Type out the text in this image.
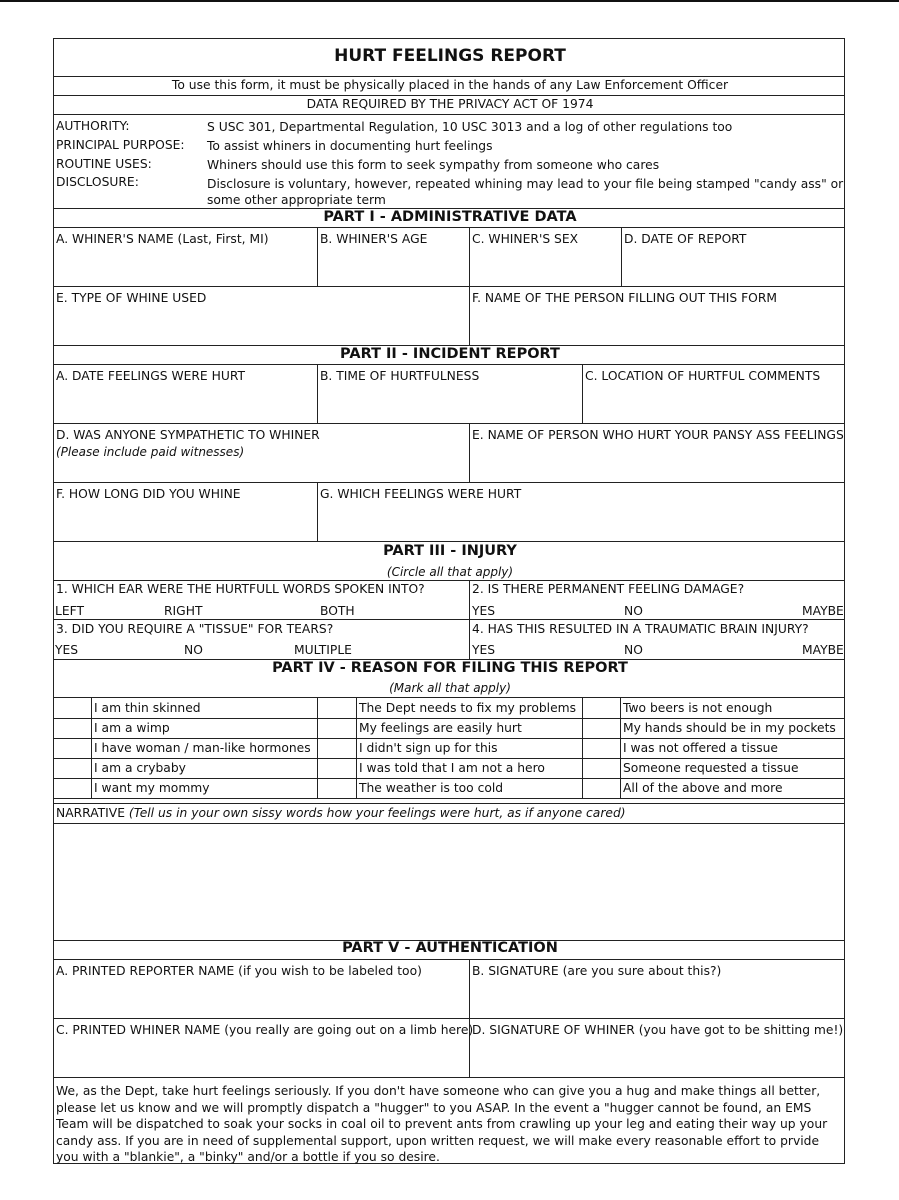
HURT FEELINGS REPORT
To use this form, it must be physically placed in the hands of any Law Enforcement Officer
DATA REQUIRED BY THE PRIVACY ACT OF 1974
AUTHORITY:	S USC 301, Departmental Regulation, 10 USC 3013 and a log of other regulations too
PRINCIPAL PURPOSE: To assist whiners in documenting hurt feelings
ROUTINE USES:	Whiners should use this form to seek sympathy from someone who cares
DISCLOSURE:	Disclosure is voluntary, however, repeated whining may lead to your file being stamped "candy ass" or
some other appropriate term
PART I - ADMINISTRATIVE DATA
A. WHINER'S NAME (Last, First, MI)	B. WHINER'S AGE	C. WHINER'S SEX	D. DATE OF REPORT
E. TYPE OF WHINE USED	F. NAME OF THE PERSON FILLING OUT THIS FORM
PART II - INCIDENT REPORT
A. DATE FEELINGS WERE HURT	B. TIME OF HURTFULNESS	C. LOCATION OF HURTFUL COMMENTS
D. WAS ANYONE SYMPATHETIC TO WHINER
(Please include paid witnesses)
E. NAME OF PERSON WHO HURT YOUR PANSY ASS FEELINGS
F. HOW LONG DID YOU WHINE	G. WHICH FEELINGS WERE HURT
PART III - INJURY
(Circle all that apply)
1. WHICH EAR WERE THE HURTFULL WORDS SPOKEN INTO?
LEFT	RIGHT	BOTH
2. IS THERE PERMANENT FEELING DAMAGE?
YES	NO	MAYBE
3. DID YOU REQUIRE A "TISSUE" FOR TEARS?
YES	NO	MULTIPLE
4. HAS THIS RESULTED IN A TRAUMATIC BRAIN INJURY?
YES	NO	MAYBE
PART IV - REASON FOR FILING THIS REPORT
(Mark all that apply)
NARRATIVE (Tell us in your own sissy words how your feelings were hurt, as if anyone cared)
PART V - AUTHENTICATION
A. PRINTED REPORTER NAME (if you wish to be labeled too)	B. SIGNATURE (are you sure about this?)
C. PRINTED WHINER NAME (you really are going out on a limb here)
D. SIGNATURE OF WHINER (you have got to be shitting me!)
We, as the Dept, take hurt feelings seriously. If you don't have someone who can give you a hug and make things all better, please let us know and we will promptly dispatch a "hugger" to you ASAP. In the event a "hugger cannot be found, an EMS Team will be dispatched to soak your socks in coal oil to prevent ants from crawling up your leg and eating their way up your candy ass. If you are in need of supplemental support, upon written request, we will make every reasonable effort to prvide you with a "blankie", a "binky" and/or a bottle if you so desire.
I am thin skinned	The Dept needs to fix my problems	Two beers is not enough
I am a wimp	My feelings are easily hurt	My hands should be in my pockets
I have woman / man-like hormones	I didn't sign up for this	I was not offered a tissue
I am a crybaby	I was told that I am not a hero	Someone requested a tissue
I want my mommy	The weather is too cold	All of the above and more
